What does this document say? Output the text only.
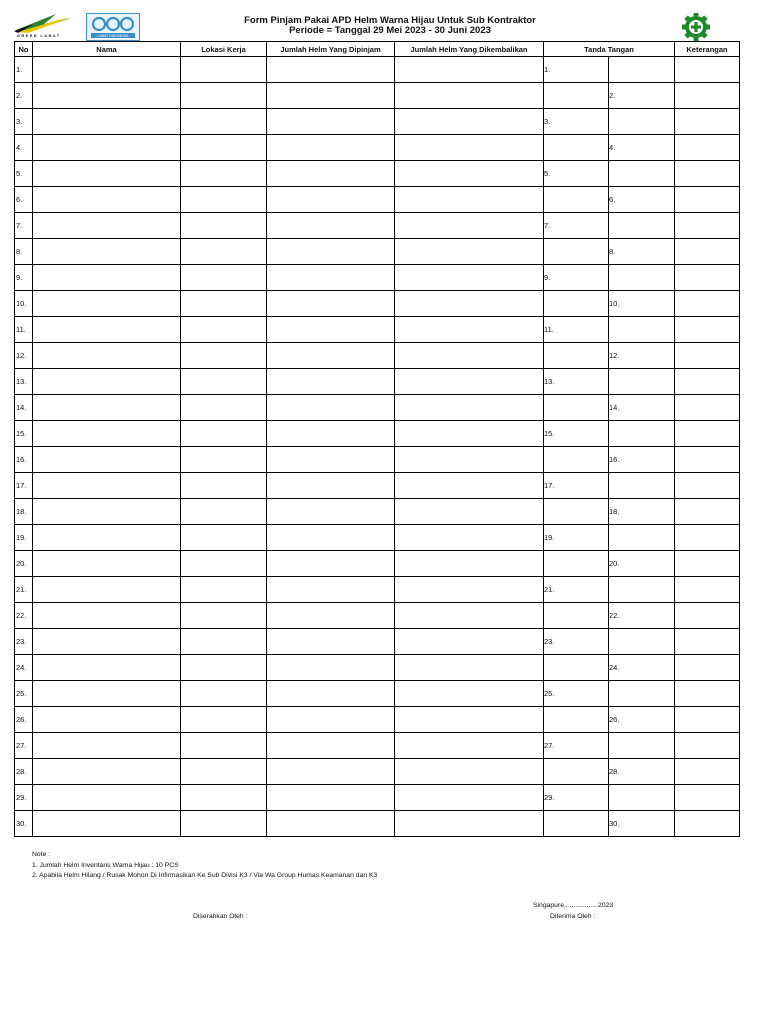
GREEN LABAT	LABAT INDONESIA
Form Pinjam Pakai APD Helm Warna Hijau Untuk Sub Kontraktor
Periode = Tanggal 29 Mei 2023 - 30 Juni 2023
No	Nama	Lokasi Kerja	Jumlah Helm Yang Dipinjam	Jumlah Helm Yang Dikembalikan	Tanda Tangan		Keterangan
1.					1.		
2.						2.	
3.					3.		
4.						4.	
5.					5.		
6.						6.	
7.					7.		
8.						8.	
9.					9.		
10.						10.	
11.					11.		
12.						12.	
13.					13.		
14.						14.	
15.					15.		
16.						16.	
17.					17.		
18.						18.	
19.					19.		
20.						20.	
21.					21.		
22.						22.	
23.					23.		
24.						24.	
25.					25.		
26.						26.	
27.					27.		
28.						28.	
29.					29.		
30.						30.	
Note :
1. Jumlah Helm Inventaris Warna Hijau : 10 PCS
2. Apabila Helm Hilang / Rusak Mohon Di Infirmasikan Ke Sub Divisi K3 / Via Wa Group Humas Keamanan dan K3
Singapure,.................2023
Diserahkan Oleh :	Diterima Oleh :
